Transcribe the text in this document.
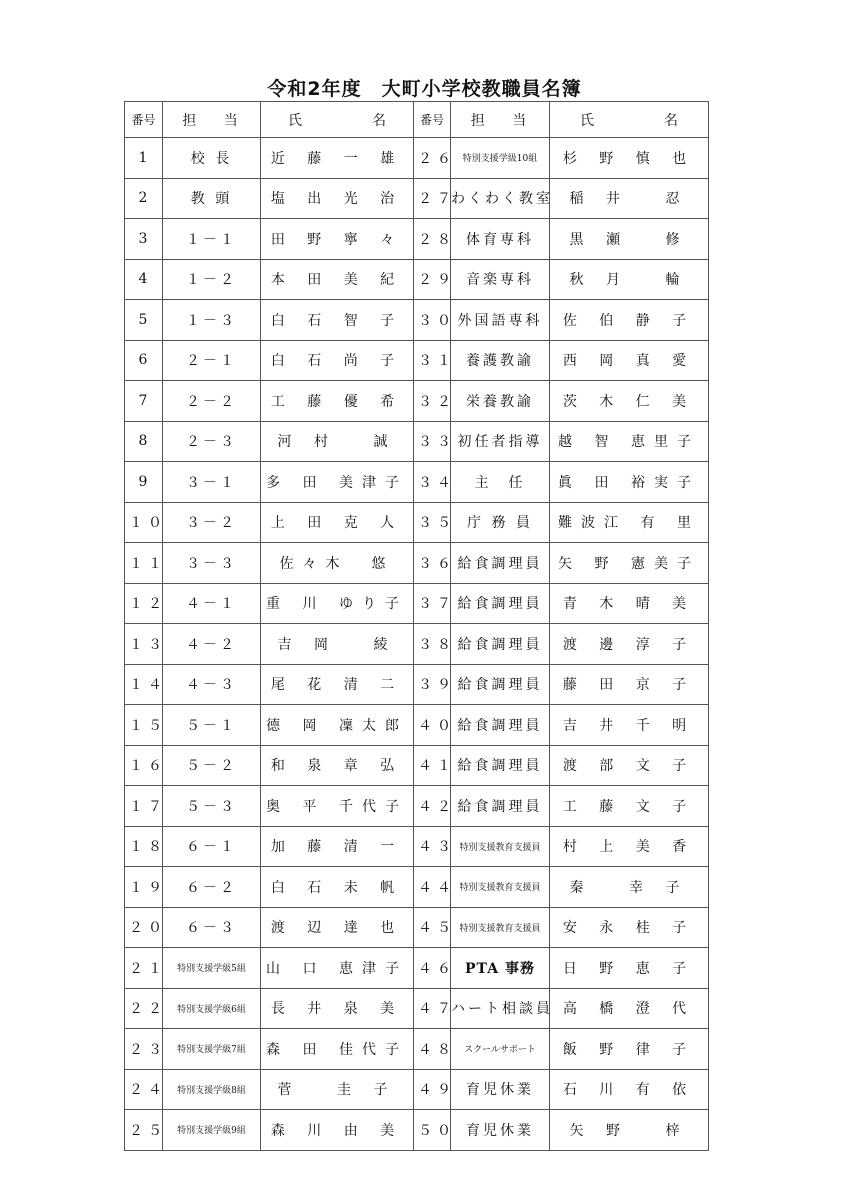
令和2年度　大町小学校教職員名簿
番号	担　 当	氏　　　　　名	番号	担　 当	氏　　　　　名
1	校 長	近 藤 一 雄	２６	特別支援学級10組	杉 野 慎 也
2	教 頭	塩 出 光 治	２７	わくわく教室	稲 井　 忍
3	１－１	田 野 寧 々	２８	体育専科	黒 瀬　 修
4	１－２	本 田 美 紀	２９	音楽専科	秋 月　 輪
5	１－３	白 石 智 子	３０	外国語専科	佐 伯 静 子
6	２－１	白 石 尚 子	３１	養護教諭	西 岡 真 愛
7	２－２	工 藤 優 希	３２	栄養教諭	茨 木 仁 美
8	２－３	河 村　 誠	３３	初任者指導	越 智 恵里子
9	３－１	多 田 美津子	３４	主　任	眞 田 裕実子
１０	３－２	上 田 克 人	３５	庁 務 員	難波江 有 里
１１	３－３	佐々木　悠	３６	給食調理員	矢 野 憲美子
１２	４－１	重 川 ゆり子	３７	給食調理員	青 木 晴 美
１３	４－２	吉 岡　 綾	３８	給食調理員	渡 邊 淳 子
１４	４－３	尾 花 清 二	３９	給食調理員	藤 田 京 子
１５	５－１	德 岡 凜太郎	４０	給食調理員	吉 井 千 明
１６	５－２	和 泉 章 弘	４１	給食調理員	渡 部 文 子
１７	５－３	奥 平 千代子	４２	給食調理員	工 藤 文 子
１８	６－１	加 藤 清 一	４３	特別支援教育支援員	村 上 美 香
１９	６－２	白 石 未 帆	４４	特別支援教育支援員	秦　 幸 子
２０	６－３	渡 辺 達 也	４５	特別支援教育支援員	安 永 桂 子
２１	特別支援学級5組	山 口 恵津子	４６	PTA 事務	日 野 恵 子
２２	特別支援学級6組	長 井 泉 美	４７	ハート相談員	高 橋 澄 代
２３	特別支援学級7組	森 田 佳代子	４８	スクールサポート	飯 野 律 子
２４	特別支援学級8組	菅　 圭 子	４９	育児休業	石 川 有 依
２５	特別支援学級9組	森 川 由 美	５０	育児休業	矢 野　 梓
